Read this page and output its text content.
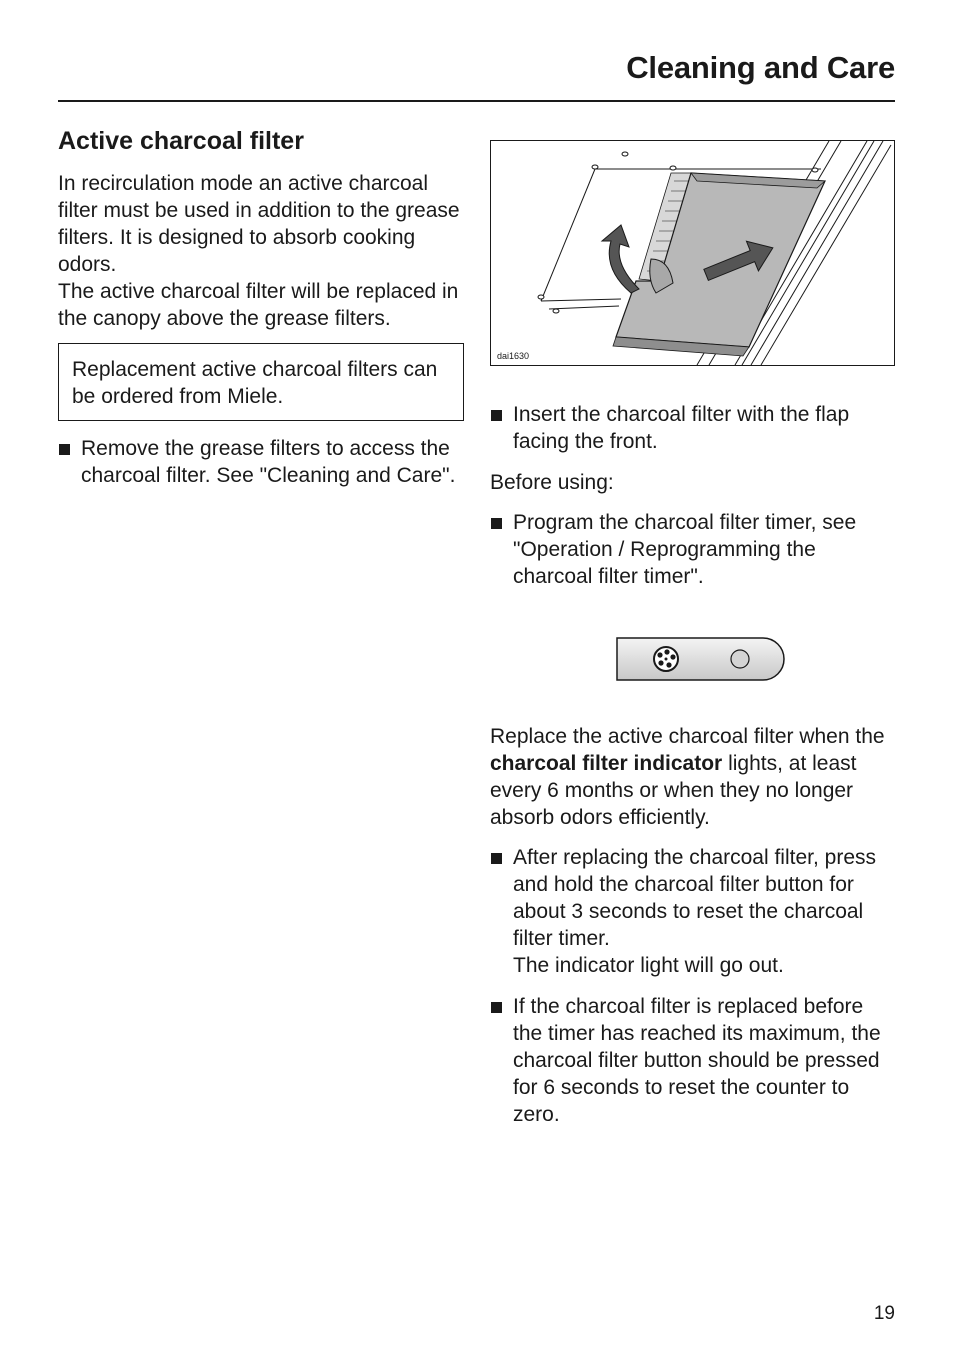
Cleaning and Care
Active charcoal filter

In recirculation mode an active charcoal filter must be used in addition to the grease filters. It is designed to absorb cooking odors.

The active charcoal filter will be replaced in the canopy above the grease filters.

Replacement active charcoal filters can be ordered from Miele.

Remove the grease filters to access the charcoal filter. See "Cleaning and Care".
dai1630
Insert the charcoal filter with the flap facing the front.

Before using:

Program the charcoal filter timer, see "Operation / Reprogramming the charcoal filter timer".

Replace the active charcoal filter when the charcoal filter indicator lights, at least every 6 months or when they no longer absorb odors efficiently.

After replacing the charcoal filter, press and hold the charcoal filter button for about 3 seconds to reset the charcoal filter timer.
The indicator light will go out.
If the charcoal filter is replaced before the timer has reached its maximum, the charcoal filter button should be pressed for 6 seconds to reset the counter to zero.
19
